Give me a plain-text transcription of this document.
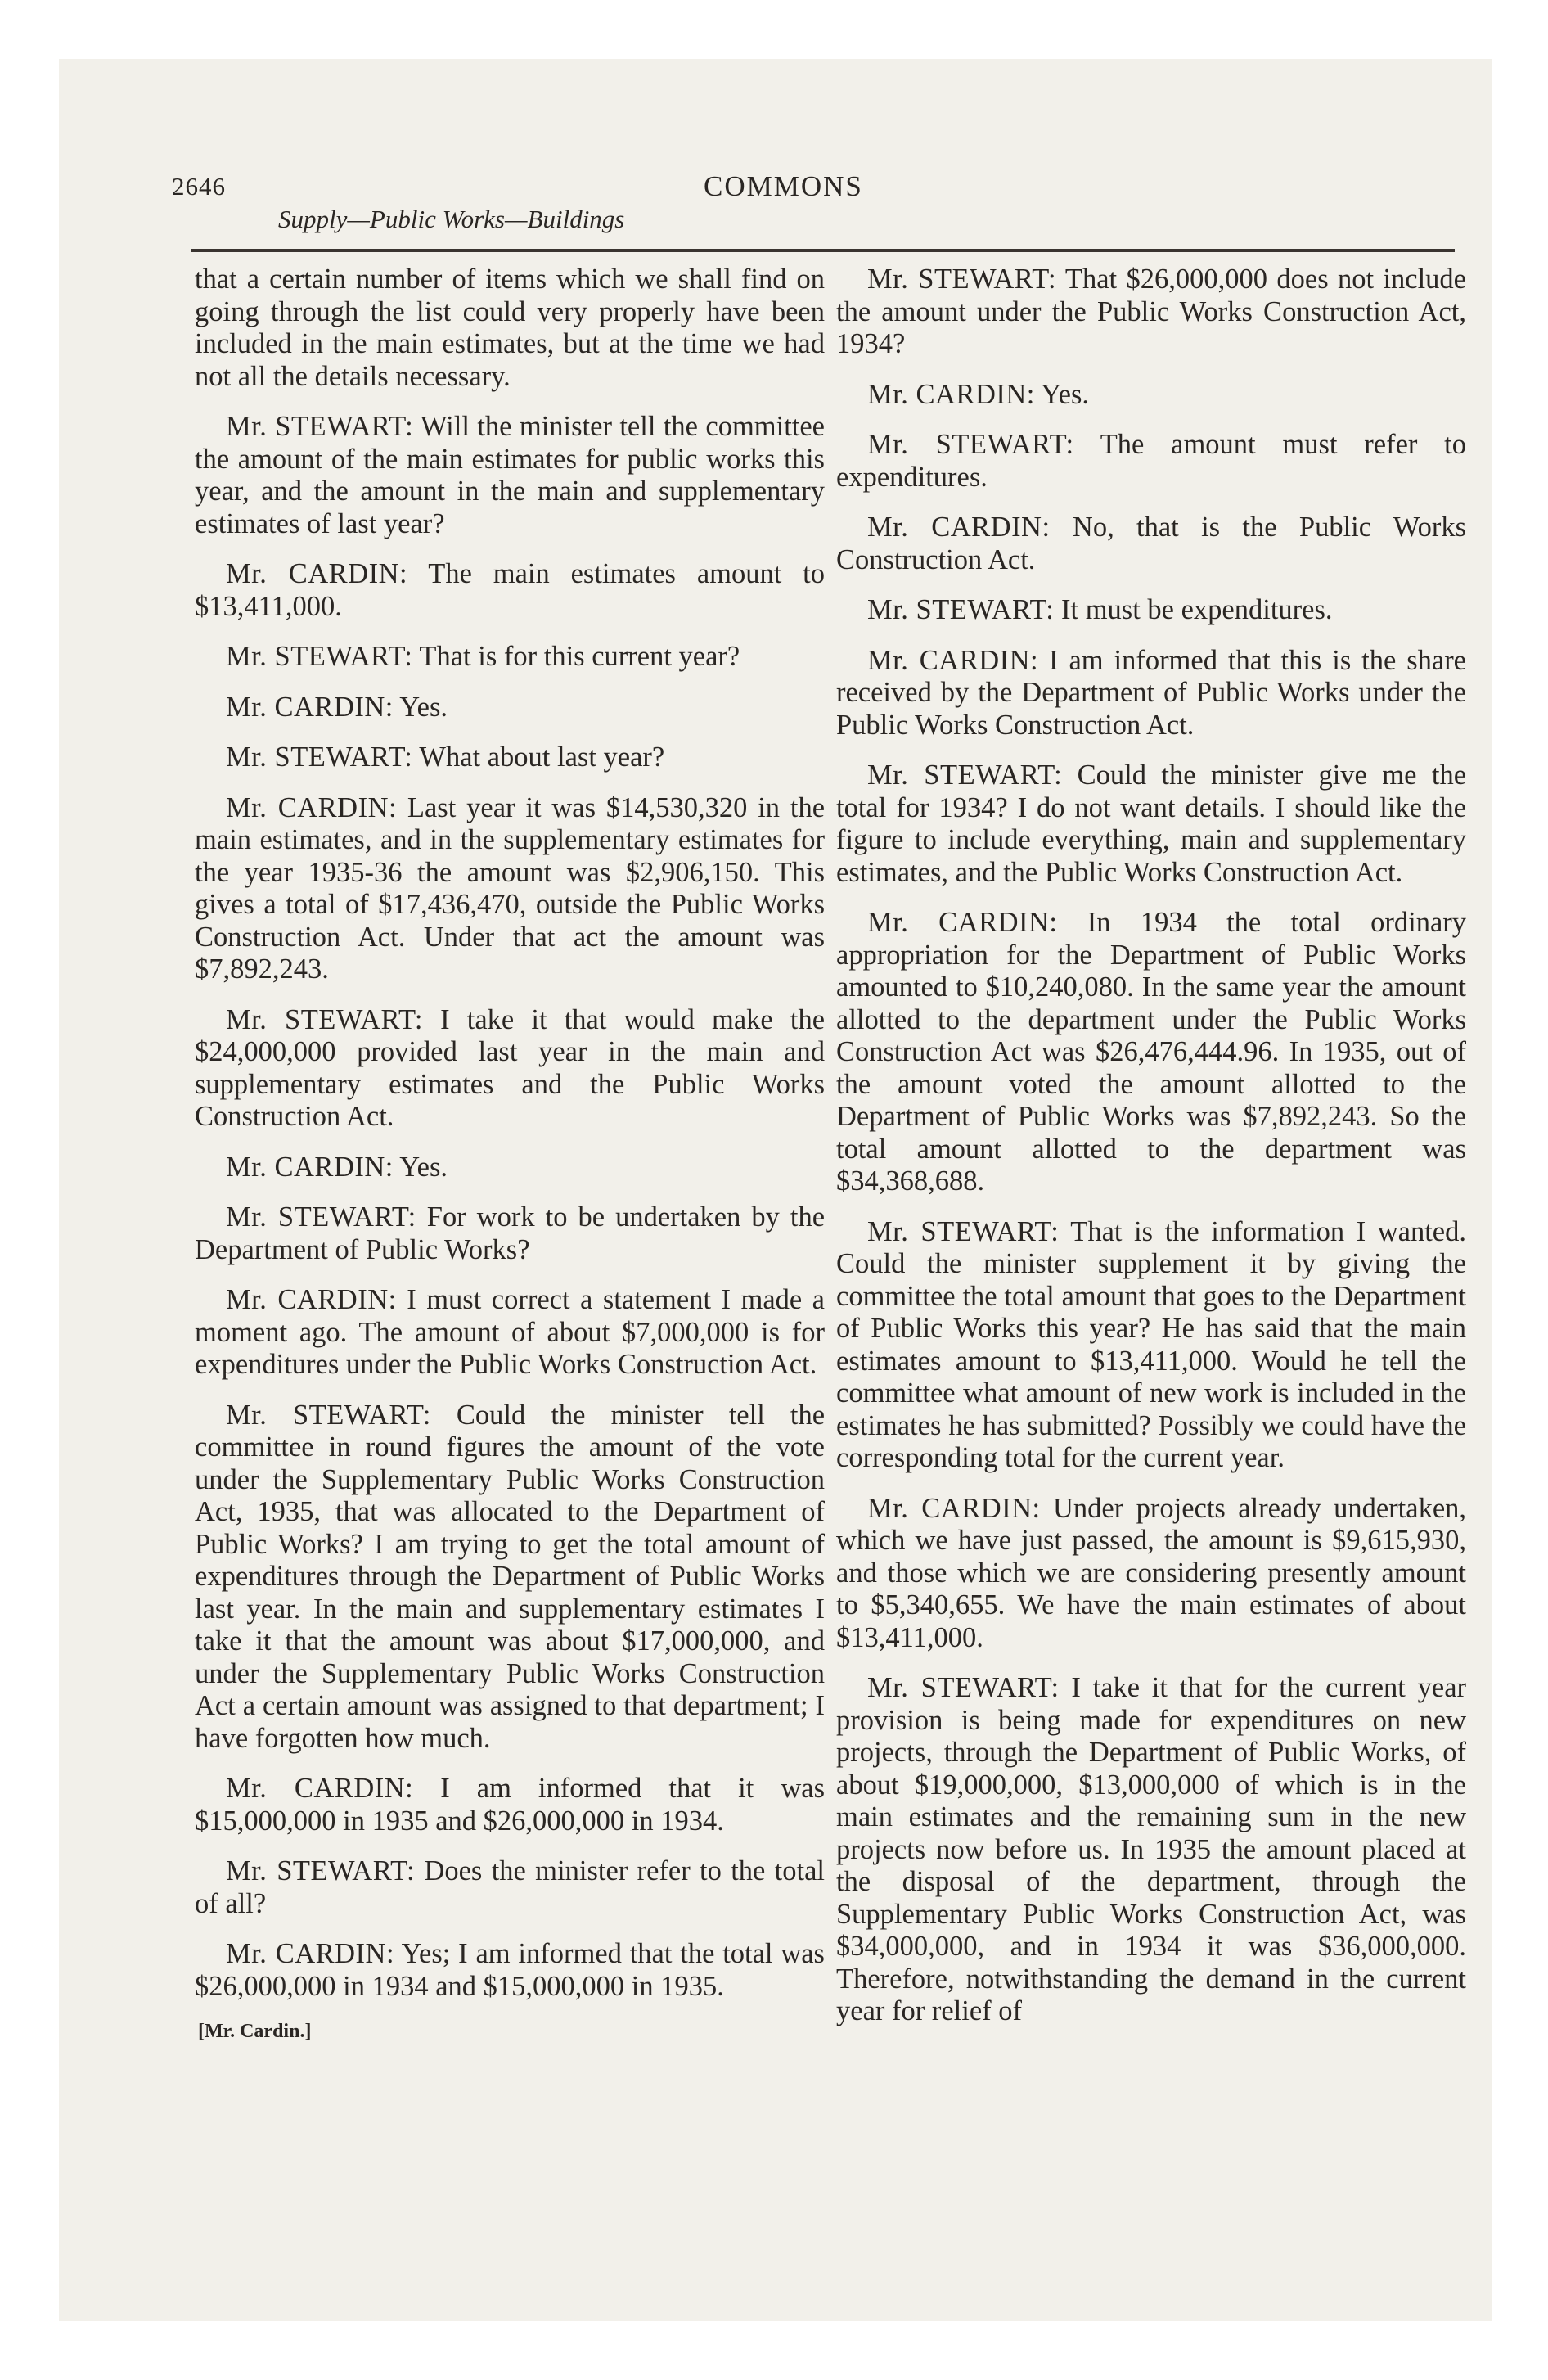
2646	COMMONS
Supply—Public Works—Buildings

that a certain number of items which we shall find on going through the list could very properly have been included in the main estimates, but at the time we had not all the details necessary.

Mr. STEWART: Will the minister tell the committee the amount of the main estimates for public works this year, and the amount in the main and supplementary estimates of last year?

Mr. CARDIN: The main estimates amount to $13,411,000.

Mr. STEWART: That is for this current year?

Mr. CARDIN: Yes.

Mr. STEWART: What about last year?

Mr. CARDIN: Last year it was $14,530,320 in the main estimates, and in the supplementary estimates for the year 1935-36 the amount was $2,906,150. This gives a total of $17,436,470, outside the Public Works Construction Act. Under that act the amount was $7,892,243.

Mr. STEWART: I take it that would make the $24,000,000 provided last year in the main and supplementary estimates and the Public Works Construction Act.

Mr. CARDIN: Yes.

Mr. STEWART: For work to be undertaken by the Department of Public Works?

Mr. CARDIN: I must correct a statement I made a moment ago. The amount of about $7,000,000 is for expenditures under the Public Works Construction Act.

Mr. STEWART: Could the minister tell the committee in round figures the amount of the vote under the Supplementary Public Works Construction Act, 1935, that was allocated to the Department of Public Works? I am trying to get the total amount of expenditures through the Department of Public Works last year. In the main and supplementary estimates I take it that the amount was about $17,000,000, and under the Supplementary Public Works Construction Act a certain amount was assigned to that department; I have forgotten how much.

Mr. CARDIN: I am informed that it was $15,000,000 in 1935 and $26,000,000 in 1934.

Mr. STEWART: Does the minister refer to the total of all?

Mr. CARDIN: Yes; I am informed that the total was $26,000,000 in 1934 and $15,000,000 in 1935.

[Mr. Cardin.]

Mr. STEWART: That $26,000,000 does not include the amount under the Public Works Construction Act, 1934?

Mr. CARDIN: Yes.

Mr. STEWART: The amount must refer to expenditures.

Mr. CARDIN: No, that is the Public Works Construction Act.

Mr. STEWART: It must be expenditures.

Mr. CARDIN: I am informed that this is the share received by the Department of Public Works under the Public Works Construction Act.

Mr. STEWART: Could the minister give me the total for 1934? I do not want details. I should like the figure to include everything, main and supplementary estimates, and the Public Works Construction Act.

Mr. CARDIN: In 1934 the total ordinary appropriation for the Department of Public Works amounted to $10,240,080. In the same year the amount allotted to the department under the Public Works Construction Act was $26,476,444.96. In 1935, out of the amount voted the amount allotted to the Department of Public Works was $7,892,243. So the total amount allotted to the department was $34,368,688.

Mr. STEWART: That is the information I wanted. Could the minister supplement it by giving the committee the total amount that goes to the Department of Public Works this year? He has said that the main estimates amount to $13,411,000. Would he tell the committee what amount of new work is included in the estimates he has submitted? Possibly we could have the corresponding total for the current year.

Mr. CARDIN: Under projects already undertaken, which we have just passed, the amount is $9,615,930, and those which we are considering presently amount to $5,340,655. We have the main estimates of about $13,411,000.

Mr. STEWART: I take it that for the current year provision is being made for expenditures on new projects, through the Department of Public Works, of about $19,000,000, $13,000,000 of which is in the main estimates and the remaining sum in the new projects now before us. In 1935 the amount placed at the disposal of the department, through the Supplementary Public Works Construction Act, was $34,000,000, and in 1934 it was $36,000,000. Therefore, notwithstanding the demand in the current year for relief of
